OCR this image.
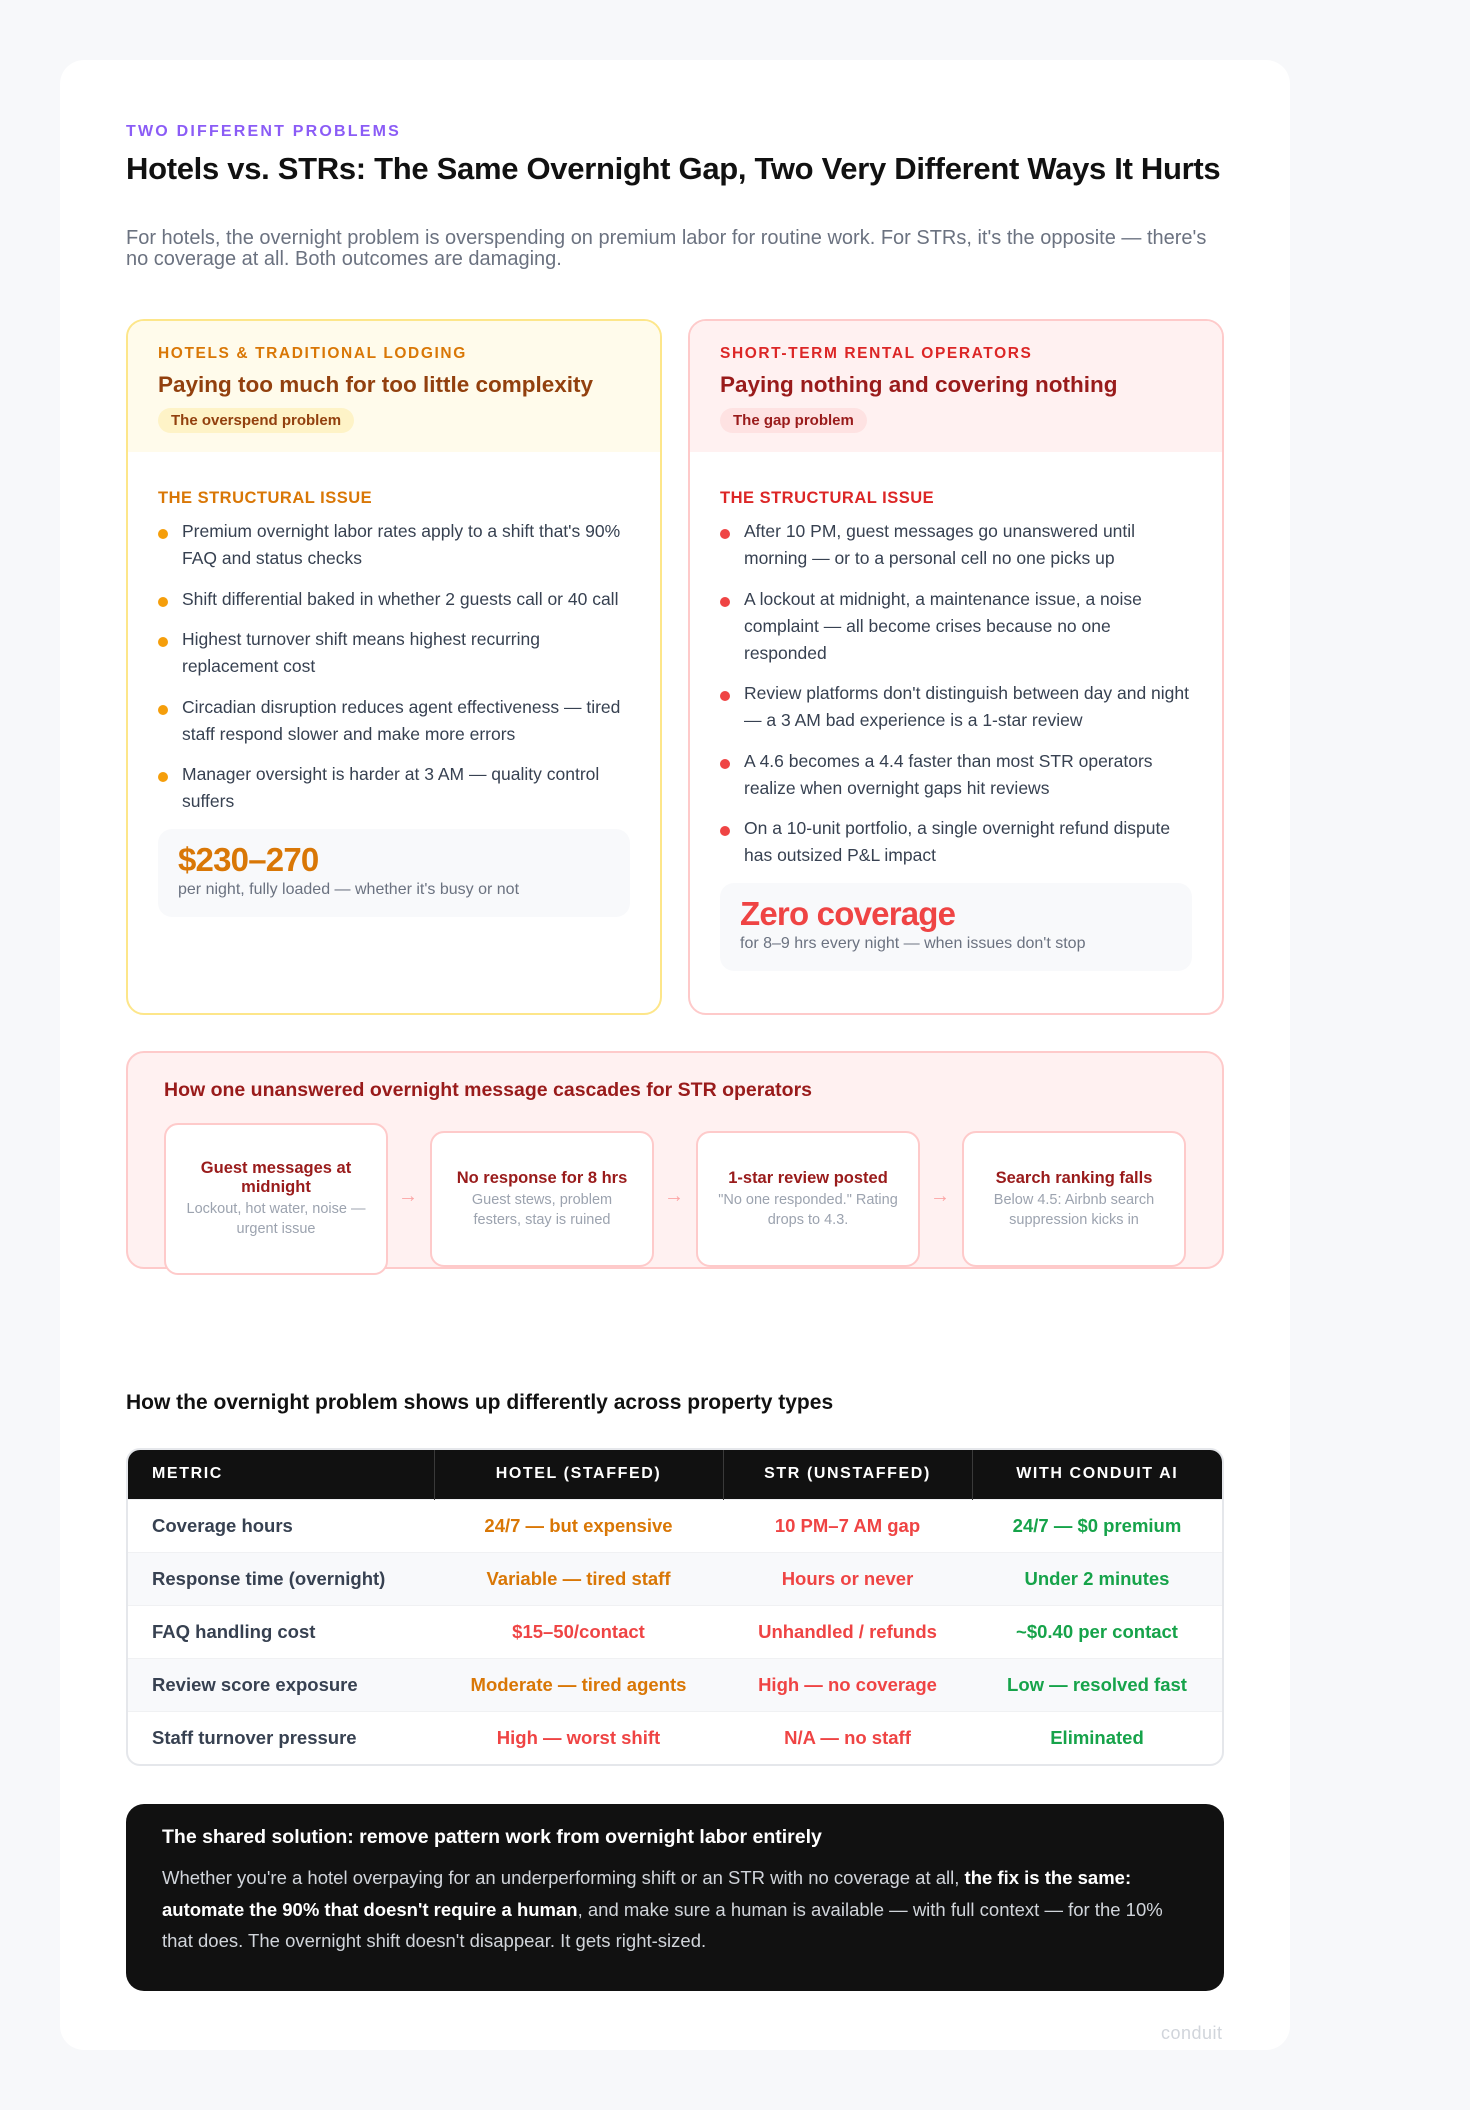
TWO DIFFERENT PROBLEMS
Hotels vs. STRs: The Same Overnight Gap, Two Very Different Ways It Hurts

For hotels, the overnight problem is overspending on premium labor for routine work. For STRs, it's the opposite — there's no coverage at all. Both outcomes are damaging.

HOTELS & TRADITIONAL LODGING
Paying too much for too little complexity
The overspend problem
THE STRUCTURAL ISSUE
Premium overnight labor rates apply to a shift that's 90% FAQ and status checks
Shift differential baked in whether 2 guests call or 40 call
Highest turnover shift means highest recurring replacement cost
Circadian disruption reduces agent effectiveness — tired staff respond slower and make more errors
Manager oversight is harder at 3 AM — quality control suffers
$230–270
per night, fully loaded — whether it's busy or not
SHORT-TERM RENTAL OPERATORS
Paying nothing and covering nothing
The gap problem
THE STRUCTURAL ISSUE
After 10 PM, guest messages go unanswered until morning — or to a personal cell no one picks up
A lockout at midnight, a maintenance issue, a noise complaint — all become crises because no one responded
Review platforms don't distinguish between day and night — a 3 AM bad experience is a 1-star review
A 4.6 becomes a 4.4 faster than most STR operators realize when overnight gaps hit reviews
On a 10-unit portfolio, a single overnight refund dispute has outsized P&L impact
Zero coverage
for 8–9 hrs every night — when issues don't stop
How one unanswered overnight message cascades for STR operators
Guest messages at midnight
Lockout, hot water, noise — urgent issue
→
No response for 8 hrs
Guest stews, problem festers, stay is ruined
→
1-star review posted
"No one responded." Rating drops to 4.3.
→
Search ranking falls
Below 4.5: Airbnb search suppression kicks in
How the overnight problem shows up differently across property types
METRIC	HOTEL (STAFFED)	STR (UNSTAFFED)	WITH CONDUIT AI
Coverage hours	24/7 — but expensive	10 PM–7 AM gap	24/7 — $0 premium
Response time (overnight)	Variable — tired staff	Hours or never	Under 2 minutes
FAQ handling cost	$15–50/contact	Unhandled / refunds	~$0.40 per contact
Review score exposure	Moderate — tired agents	High — no coverage	Low — resolved fast
Staff turnover pressure	High — worst shift	N/A — no staff	Eliminated
The shared solution: remove pattern work from overnight labor entirely

Whether you're a hotel overpaying for an underperforming shift or an STR with no coverage at all, the fix is the same: automate the 90% that doesn't require a human, and make sure a human is available — with full context — for the 10% that does. The overnight shift doesn't disappear. It gets right-sized.

conduit
